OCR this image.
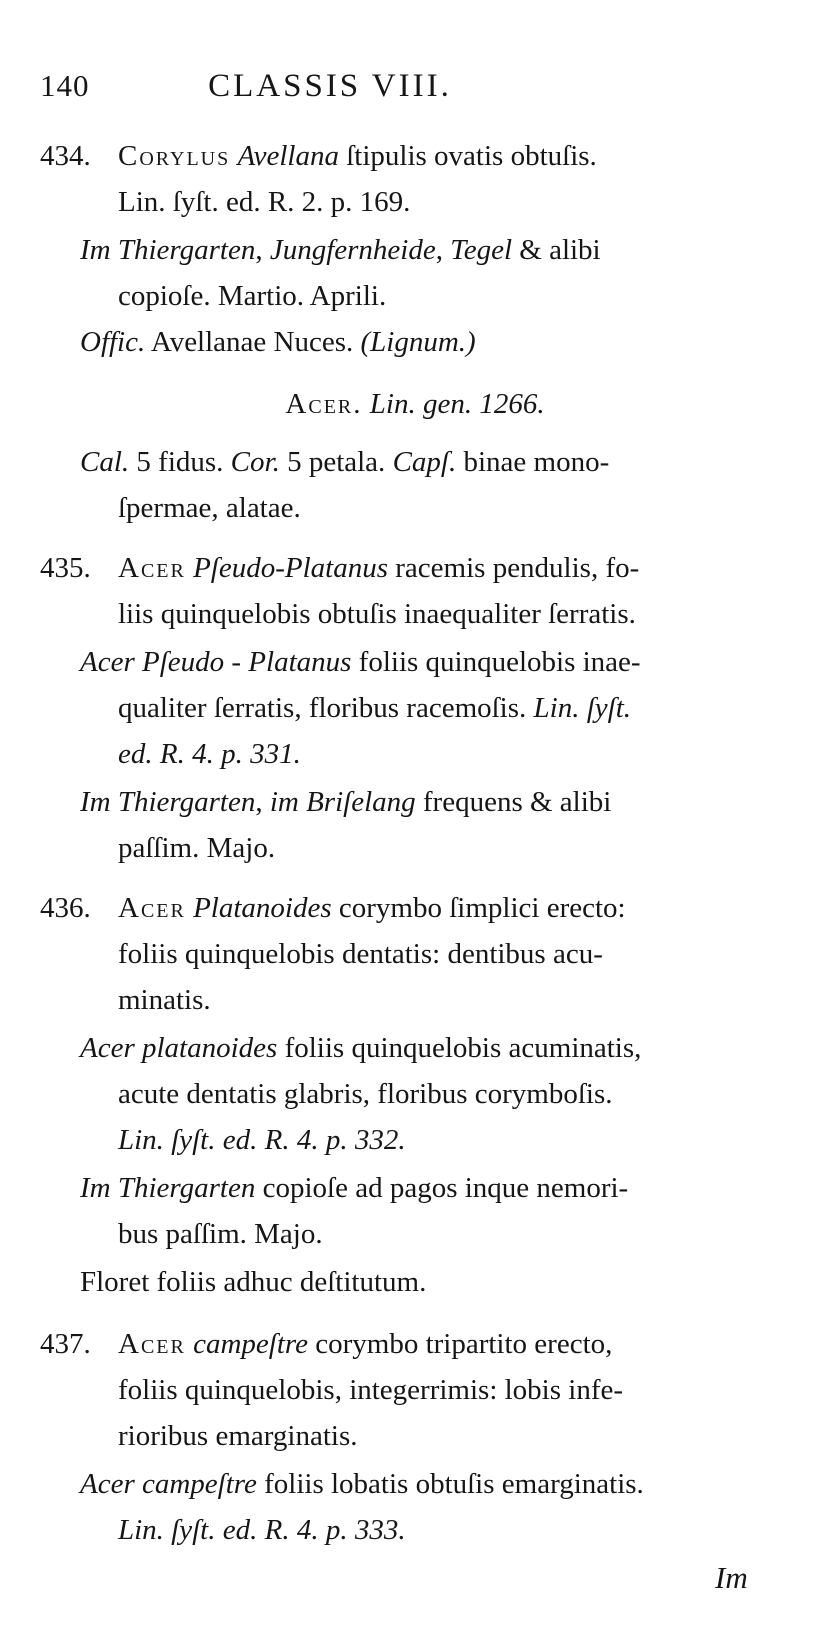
140	CLASSIS VIII.
434. Corylus Avellana ſtipulis ovatis obtuſis.
Lin. ſyſt. ed. R. 2. p. 169.
Im Thiergarten, Jungfernheide, Tegel & alibi
copioſe. Martio. Aprili.
Offic. Avellanae Nuces. (Lignum.)
Acer. Lin. gen. 1266.
Cal. 5 fidus. Cor. 5 petala. Capſ. binae mono-
ſpermae, alatae.
435. Acer Pſeudo-Platanus racemis pendulis, fo-
liis quinquelobis obtuſis inaequaliter ſerratis.
Acer Pſeudo - Platanus foliis quinquelobis inae-
qualiter ſerratis, floribus racemoſis. Lin. ſyſt.
ed. R. 4. p. 331.
Im Thiergarten, im Briſelang frequens & alibi
paſſim. Majo.
436. Acer Platanoides corymbo ſimplici erecto:
foliis quinquelobis dentatis: dentibus acu-
minatis.
Acer platanoides foliis quinquelobis acuminatis,
acute dentatis glabris, floribus corymboſis.
Lin. ſyſt. ed. R. 4. p. 332.
Im Thiergarten copioſe ad pagos inque nemori-
bus paſſim. Majo.
Floret foliis adhuc deſtitutum.
437. Acer campeſtre corymbo tripartito erecto,
foliis quinquelobis, integerrimis: lobis infe-
rioribus emarginatis.
Acer campeſtre foliis lobatis obtuſis emarginatis.
Lin. ſyſt. ed. R. 4. p. 333.
Im
